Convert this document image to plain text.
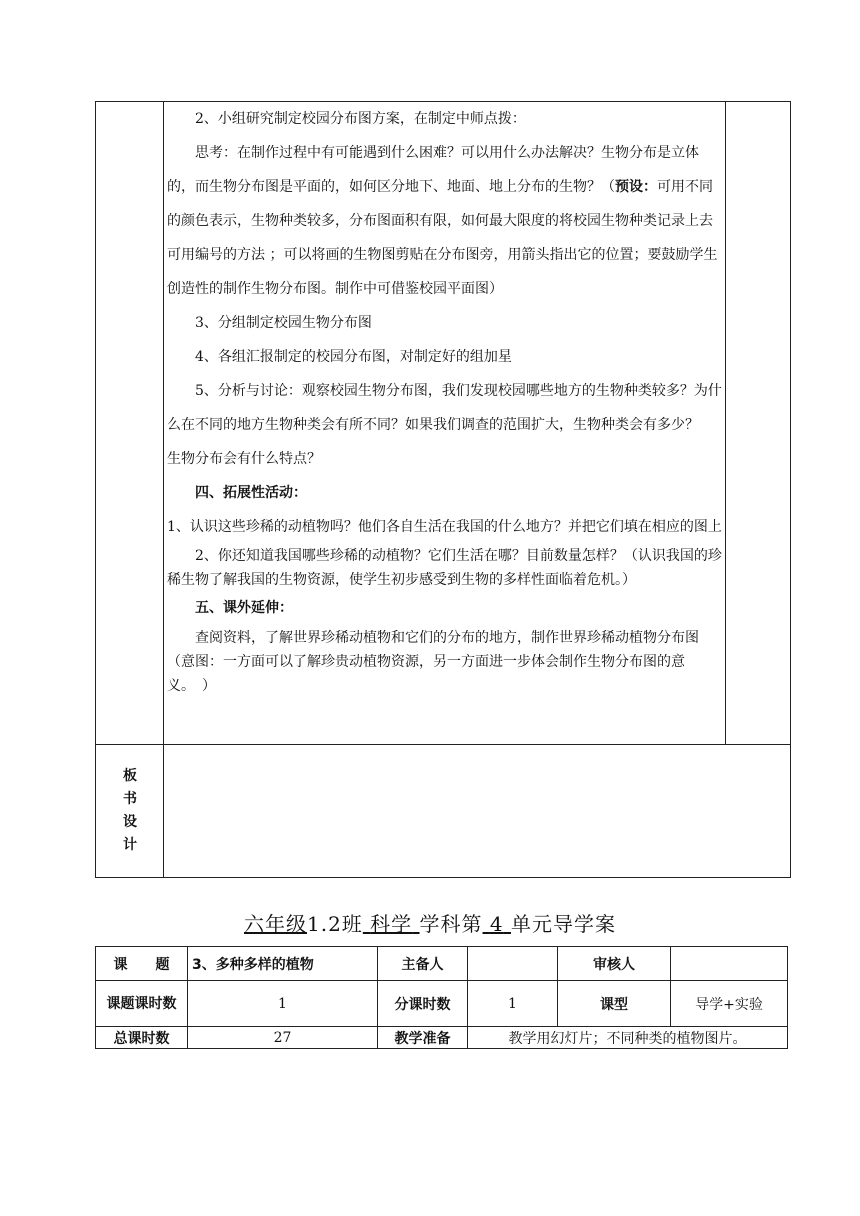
2、小组研究制定校园分布图方案，在制定中师点拨：

思考：在制作过程中有可能遇到什么困难？可以用什么办法解决？生物分布是立体的，而生物分布图是平面的，如何区分地下、地面、地上分布的生物？（预设：可用不同的颜色表示，生物种类较多，分布图面积有限，如何最大限度的将校园生物种类记录上去可用编号的方法 ；可以将画的生物图剪贴在分布图旁，用箭头指出它的位置；要鼓励学生创造性的制作生物分布图。制作中可借鉴校园平面图）

3、分组制定校园生物分布图

4、各组汇报制定的校园分布图，对制定好的组加星

5、分析与讨论：观察校园生物分布图，我们发现校园哪些地方的生物种类较多？为什么在不同的地方生物种类会有所不同？如果我们调查的范围扩大，生物种类会有多少？　　生物分布会有什么特点？

四、拓展性活动：

1、认识这些珍稀的动植物吗？他们各自生活在我国的什么地方？并把它们填在相应的图上

2、你还知道我国哪些珍稀的动植物？它们生活在哪？目前数量怎样？（认识我国的珍稀生物了解我国的生物资源，使学生初步感受到生物的多样性面临着危机。）

五、课外延伸：

查阅资料，了解世界珍稀动植物和它们的分布的地方，制作世界珍稀动植物分布图　（意图：一方面可以了解珍贵动植物资源，另一方面进一步体会制作生物分布图的意义。　）

板
书
设
计
六年级1.2班 科学 学科第 4 单元导学案
课　　题	3、多种多样的植物	主备人		审核人	
课题课时数	1	分课时数	1	课型	导学+实验
总课时数	27	教学准备	教学用幻灯片；不同种类的植物图片。		
